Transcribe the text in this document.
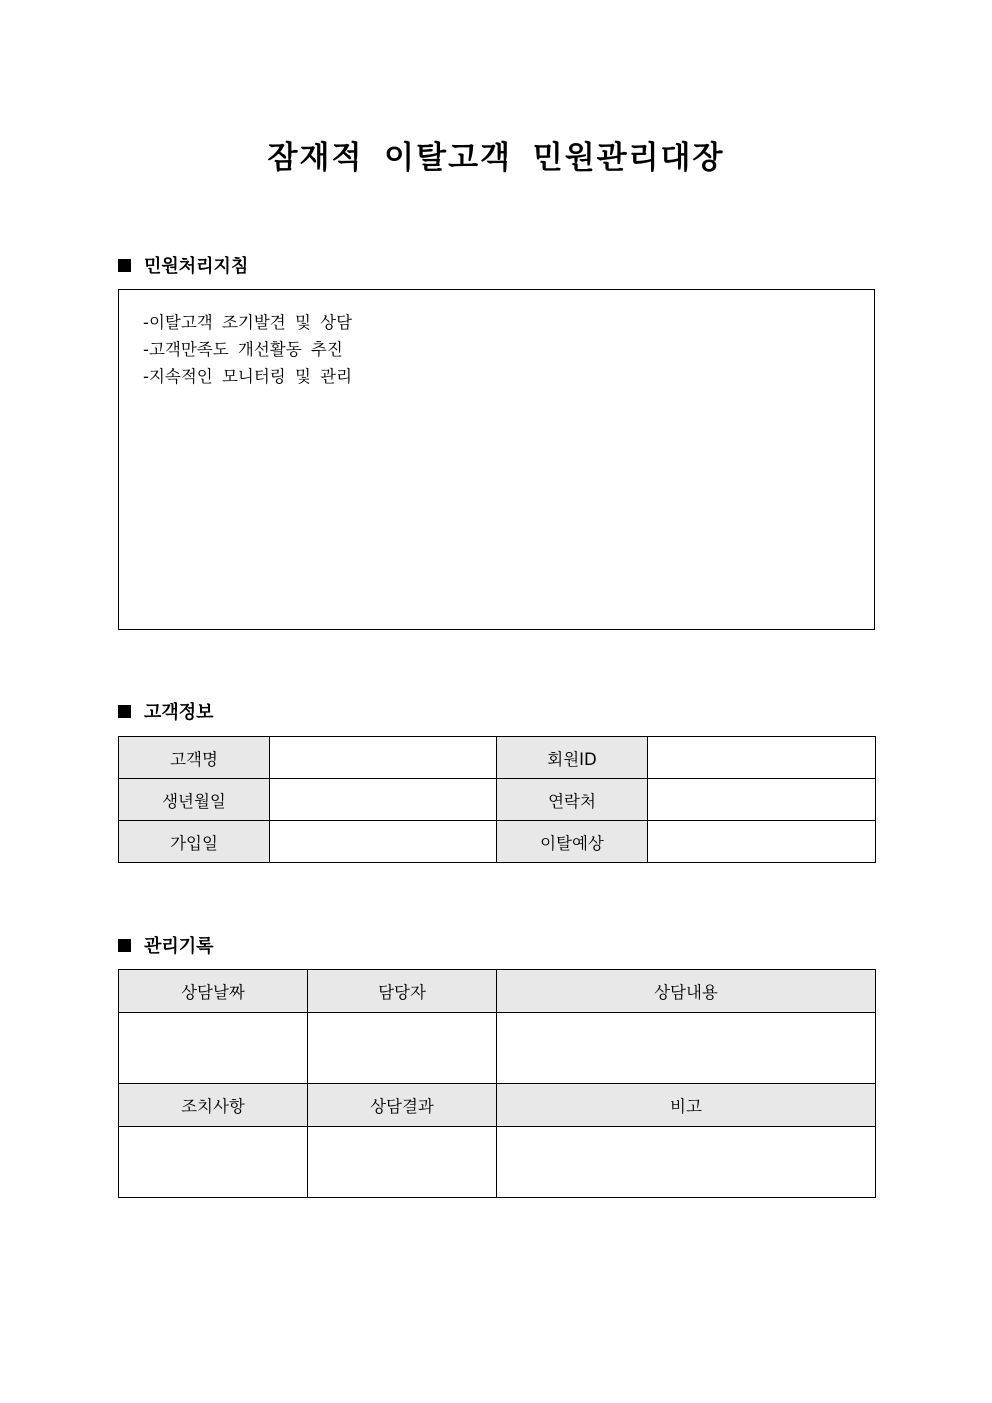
잠재적 이탈고객 민원관리대장
민원처리지침
-이탈고객 조기발견 및 상담
-고객만족도 개선활동 추진
-지속적인 모니터링 및 관리
고객정보
고객명		회원ID	
생년월일		연락처	
가입일		이탈예상	
관리기록
상담날짜	담당자	상담내용

조치사항	상담결과	비고
